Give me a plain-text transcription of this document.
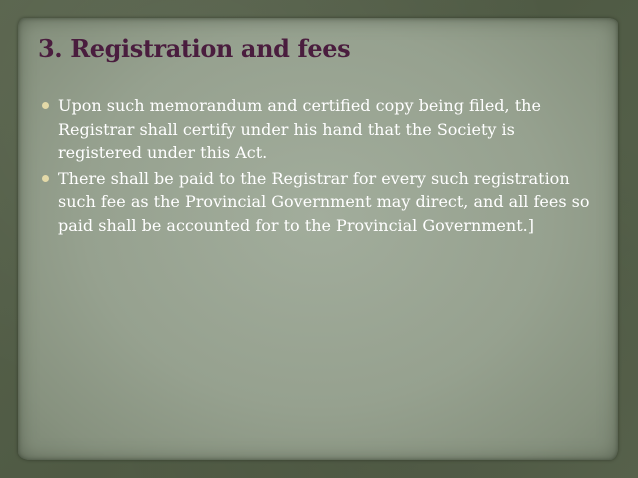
3. Registration and fees
Upon such memorandum and certified copy being filed, the Registrar shall certify under his hand that the Society is registered under this Act.
There shall be paid to the Registrar for every such registration such fee as the Provincial Government may direct, and all fees so paid shall be accounted for to the Provincial Government.]
